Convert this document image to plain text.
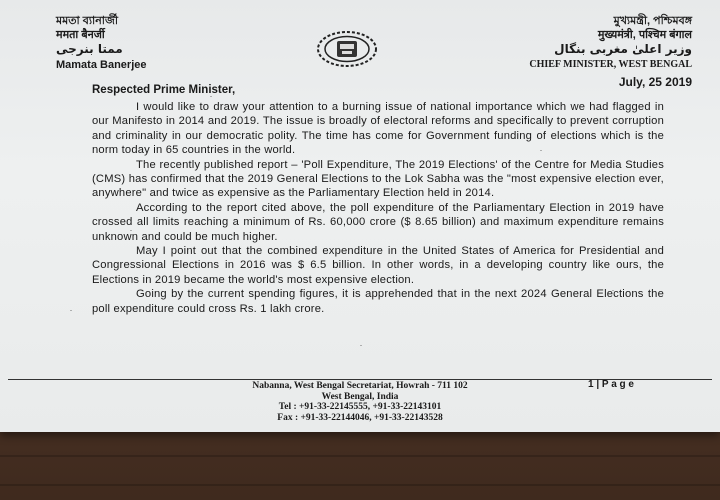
মমতা ব্যানার্জী
ममता बैनर्जी
ممتا بنرجی
Mamata Banerjee
মুখ্যমন্ত্রী, পশ্চিমবঙ্গ
मुख्यमंत्री, पश्चिम बंगाल
وزیر اعلیٰ مغربی بنگال
CHIEF MINISTER, WEST BENGAL
July, 25 2019
Respected Prime Minister,

I would like to draw your attention to a burning issue of national importance which we had flagged in our Manifesto in 2014 and 2019. The issue is broadly of electoral reforms and specifically to prevent corruption and criminality in our democratic polity. The time has come for Government funding of elections which is the norm today in 65 countries in the world.

The recently published report – 'Poll Expenditure, The 2019 Elections' of the Centre for Media Studies (CMS) has confirmed that the 2019 General Elections to the Lok Sabha was the "most expensive election ever, anywhere" and twice as expensive as the Parliamentary Election held in 2014.

According to the report cited above, the poll expenditure of the Parliamentary Election in 2019 have crossed all limits reaching a minimum of Rs. 60,000 crore ($ 8.65 billion) and maximum expenditure remains unknown and could be much higher.

May I point out that the combined expenditure in the United States of America for Presidential and Congressional Elections in 2016 was $ 6.5 billion. In other words, in a developing country like ours, the Elections in 2019 became the world's most expensive election.

Going by the current spending figures, it is apprehended that in the next 2024 General Elections the poll expenditure could cross Rs. 1 lakh crore.

1 | P a g e
Nabanna, West Bengal Secretariat, Howrah - 711 102
West Bengal, India
Tel : +91-33-22145555, +91-33-22143101
Fax : +91-33-22144046, +91-33-22143528
